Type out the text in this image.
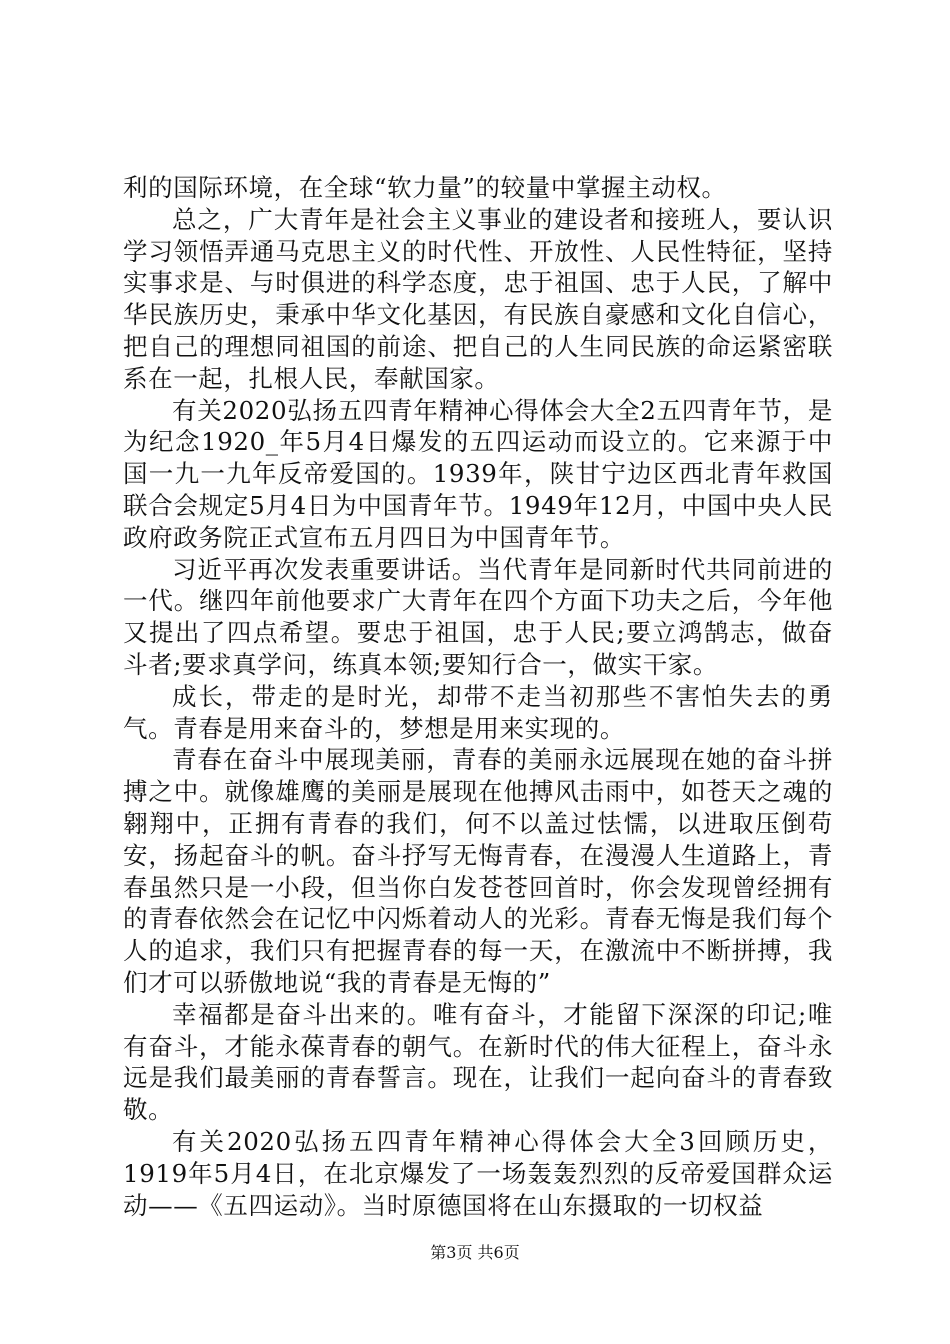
利的国际环境，在全球“软力量”的较量中掌握主动权。

总之，广大青年是社会主义事业的建设者和接班人，要认识学习领悟弄通马克思主义的时代性、开放性、人民性特征，坚持实事求是、与时俱进的科学态度，忠于祖国、忠于人民，了解中华民族历史，秉承中华文化基因，有民族自豪感和文化自信心，把自己的理想同祖国的前途、把自己的人生同民族的命运紧密联系在一起，扎根人民，奉献国家。

有关2020弘扬五四青年精神心得体会大全2五四青年节，是为纪念1920_年5月4日爆发的五四运动而设立的。它来源于中国一九一九年反帝爱国的。1939年，陕甘宁边区西北青年救国联合会规定5月4日为中国青年节。1949年12月，中国中央人民政府政务院正式宣布五月四日为中国青年节。

习近平再次发表重要讲话。当代青年是同新时代共同前进的一代。继四年前他要求广大青年在四个方面下功夫之后，今年他又提出了四点希望。要忠于祖国，忠于人民;要立鸿鹄志，做奋斗者;要求真学问，练真本领;要知行合一，做实干家。

成长，带走的是时光，却带不走当初那些不害怕失去的勇气。青春是用来奋斗的，梦想是用来实现的。

青春在奋斗中展现美丽，青春的美丽永远展现在她的奋斗拼搏之中。就像雄鹰的美丽是展现在他搏风击雨中，如苍天之魂的翱翔中，正拥有青春的我们，何不以盖过怯懦，以进取压倒苟安，扬起奋斗的帆。奋斗抒写无悔青春，在漫漫人生道路上，青春虽然只是一小段，但当你白发苍苍回首时，你会发现曾经拥有的青春依然会在记忆中闪烁着动人的光彩。青春无悔是我们每个人的追求，我们只有把握青春的每一天，在激流中不断拼搏，我们才可以骄傲地说“我的青春是无悔的”

幸福都是奋斗出来的。唯有奋斗，才能留下深深的印记;唯有奋斗，才能永葆青春的朝气。在新时代的伟大征程上，奋斗永远是我们最美丽的青春誓言。现在，让我们一起向奋斗的青春致敬。

有关2020弘扬五四青年精神心得体会大全3回顾历史，1919年5月4日，在北京爆发了一场轰轰烈烈的反帝爱国群众运动——《五四运动》。当时原德国将在山东摄取的一切权益

第3页 共6页
